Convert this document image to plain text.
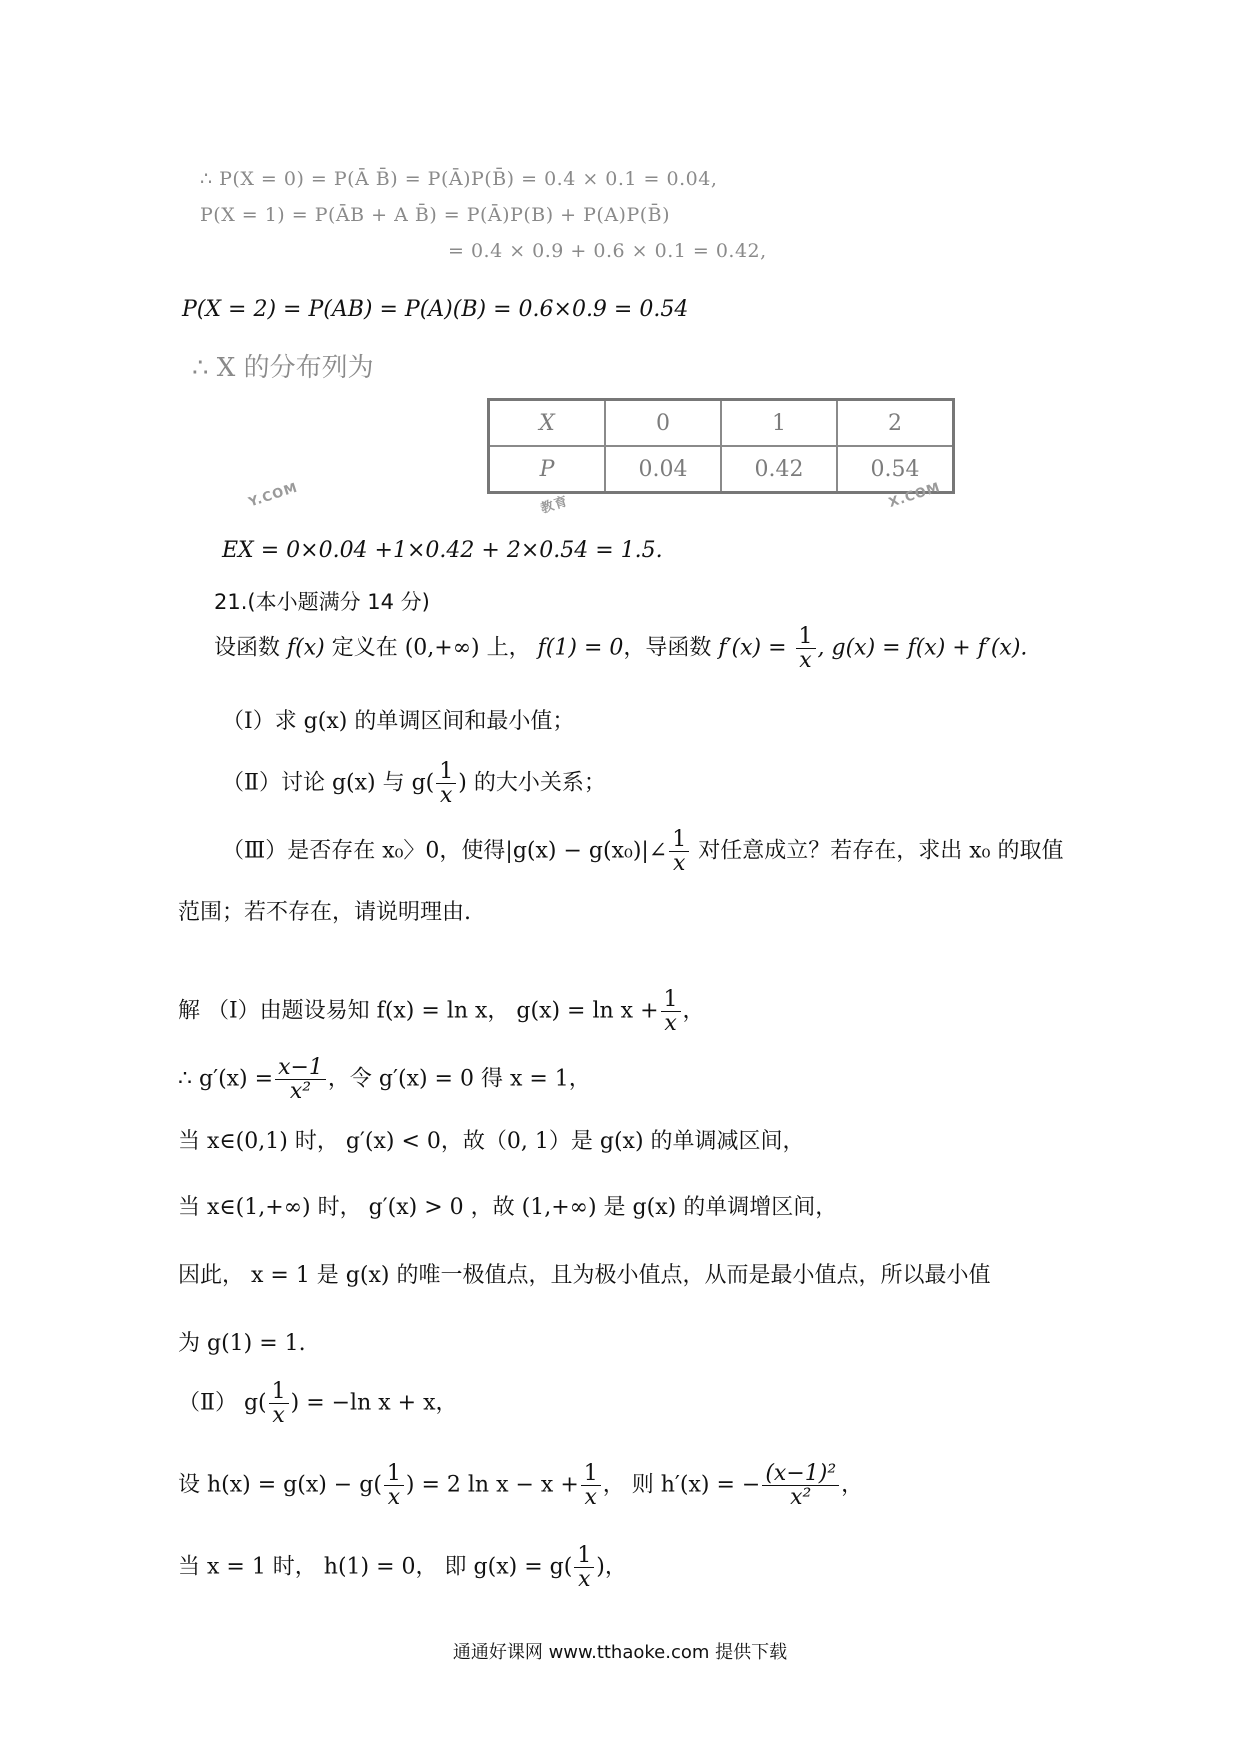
∴ P(X = 0) = P(Ā B̄) = P(Ā)P(B̄) = 0.4 × 0.1 = 0.04,
P(X = 1) = P(ĀB + A B̄) = P(Ā)P(B) + P(A)P(B̄)
= 0.4 × 0.9 + 0.6 × 0.1 = 0.42,
P(X = 2) = P(AB) = P(A)(B) = 0.6×0.9 = 0.54
∴ X 的分布列为
X	0	1	2
P	0.04	0.42	0.54
Y.COM	教育	X.COM
EX = 0×0.04 +1×0.42 + 2×0.54 = 1.5.
21.(本小题满分 14 分)
设函数 f(x) 定义在 (0,+∞) 上， f(1) = 0，导函数 $f'(x) = \frac{1}{x}$ , g(x) = f(x) + f′(x).
（Ⅰ）求 g(x) 的单调区间和最小值；
（Ⅱ）讨论 g(x) 与 $g( \frac{1}{x}$ ) 的大小关系；
（Ⅲ）是否存在 x₀〉0，使得|g(x) − g(x₀)|∠ $\frac{1}{x}$ 对任意成立？若存在，求出 x₀ 的取值
范围；若不存在，请说明理由.
解 （Ⅰ）由题设易知 f(x) = ln x， $g(x) = \ln x + \frac{1}{x}$ ，
∴ $g'(x) = \frac{x-1}{\text{x²}}$ ，令 g′(x) = 0 得 x = 1，
当 x∈(0,1) 时， g′(x) < 0，故（0, 1）是 g(x) 的单调减区间，
当 x∈(1,+∞) 时， g′(x) > 0 ，故 (1,+∞) 是 g(x) 的单调增区间，
因此， x = 1 是 g(x) 的唯一极值点，且为极小值点，从而是最小值点，所以最小值
为 g(1) = 1.
（Ⅱ） $g( \frac{1}{x}$ ) = −ln x + x，
设 $h(x) = g(x) - g( \frac{1}{x}$ ) = 2 $\ln x - x + \frac{1}{x}$ ， 则 h′(x) = − $\frac{\text{(x−1)²}}{\text{x²}}$ ，
当 x = 1 时， h(1) = 0， 即 $g(x) = g( \frac{1}{x}$ )，
通通好课网 www.tthaoke.com 提供下载
